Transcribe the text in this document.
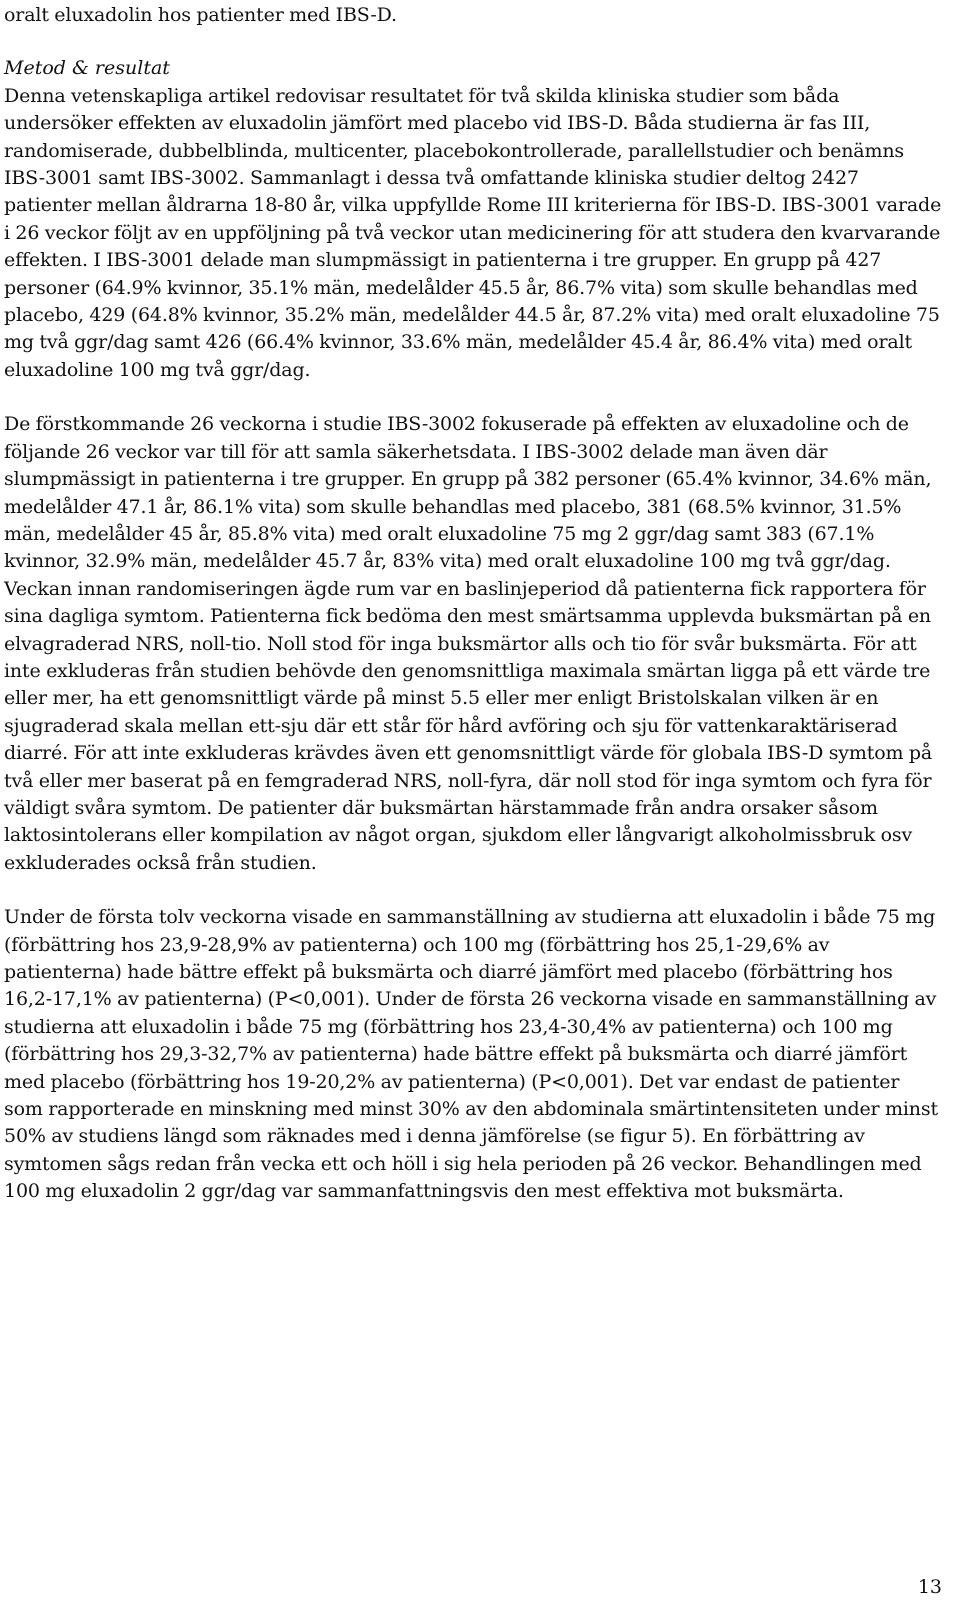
oralt eluxadolin hos patienter med IBS-D.

Metod & resultat

Denna vetenskapliga artikel redovisar resultatet för två skilda kliniska studier som båda undersöker effekten av eluxadolin jämfört med placebo vid IBS-D. Båda studierna är fas III, randomiserade, dubbelblinda, multicenter, placebokontrollerade, parallellstudier och benämns IBS-3001 samt IBS-3002. Sammanlagt i dessa två omfattande kliniska studier deltog 2427 patienter mellan åldrarna 18-80 år, vilka uppfyllde Rome III kriterierna för IBS-D. IBS-3001 varade i 26 veckor följt av en uppföljning på två veckor utan medicinering för att studera den kvarvarande effekten. I IBS-3001 delade man slumpmässigt in patienterna i tre grupper. En grupp på 427 personer (64.9% kvinnor, 35.1% män, medelålder 45.5 år, 86.7% vita) som skulle behandlas med placebo, 429 (64.8% kvinnor, 35.2% män, medelålder 44.5 år, 87.2% vita) med oralt eluxadoline 75 mg två ggr/dag samt 426 (66.4% kvinnor, 33.6% män, medelålder 45.4 år, 86.4% vita) med oralt eluxadoline 100 mg två ggr/dag.

De förstkommande 26 veckorna i studie IBS-3002 fokuserade på effekten av eluxadoline och de följande 26 veckor var till för att samla säkerhetsdata. I IBS-3002 delade man även där slumpmässigt in patienterna i tre grupper. En grupp på 382 personer (65.4% kvinnor, 34.6% män, medelålder 47.1 år, 86.1% vita) som skulle behandlas med placebo, 381 (68.5% kvinnor, 31.5% män, medelålder 45 år, 85.8% vita) med oralt eluxadoline 75 mg 2 ggr/dag samt 383 (67.1% kvinnor, 32.9% män, medelålder 45.7 år, 83% vita) med oralt eluxadoline 100 mg två ggr/dag. Veckan innan randomiseringen ägde rum var en baslinjeperiod då patienterna fick rapportera för sina dagliga symtom. Patienterna fick bedöma den mest smärtsamma upplevda buksmärtan på en elvagraderad NRS, noll-tio. Noll stod för inga buksmärtor alls och tio för svår buksmärta. För att inte exkluderas från studien behövde den genomsnittliga maximala smärtan ligga på ett värde tre eller mer, ha ett genomsnittligt värde på minst 5.5 eller mer enligt Bristolskalan vilken är en sjugraderad skala mellan ett-sju där ett står för hård avföring och sju för vattenkaraktäriserad diarré. För att inte exkluderas krävdes även ett genomsnittligt värde för globala IBS-D symtom på två eller mer baserat på en femgraderad NRS, noll-fyra, där noll stod för inga symtom och fyra för väldigt svåra symtom. De patienter där buksmärtan härstammade från andra orsaker såsom laktosintolerans eller kompilation av något organ, sjukdom eller långvarigt alkoholmissbruk osv exkluderades också från studien.

Under de första tolv veckorna visade en sammanställning av studierna att eluxadolin i både 75 mg (förbättring hos 23,9-28,9% av patienterna) och 100 mg (förbättring hos 25,1-29,6% av patienterna) hade bättre effekt på buksmärta och diarré jämfört med placebo (förbättring hos 16,2-17,1% av patienterna) (P<0,001). Under de första 26 veckorna visade en sammanställning av studierna att eluxadolin i både 75 mg (förbättring hos 23,4-30,4% av patienterna) och 100 mg (förbättring hos 29,3-32,7% av patienterna) hade bättre effekt på buksmärta och diarré jämfört med placebo (förbättring hos 19-20,2% av patienterna) (P<0,001). Det var endast de patienter som rapporterade en minskning med minst 30% av den abdominala smärtintensiteten under minst 50% av studiens längd som räknades med i denna jämförelse (se figur 5). En förbättring av symtomen sågs redan från vecka ett och höll i sig hela perioden på 26 veckor. Behandlingen med 100 mg eluxadolin 2 ggr/dag var sammanfattningsvis den mest effektiva mot buksmärta.

13
